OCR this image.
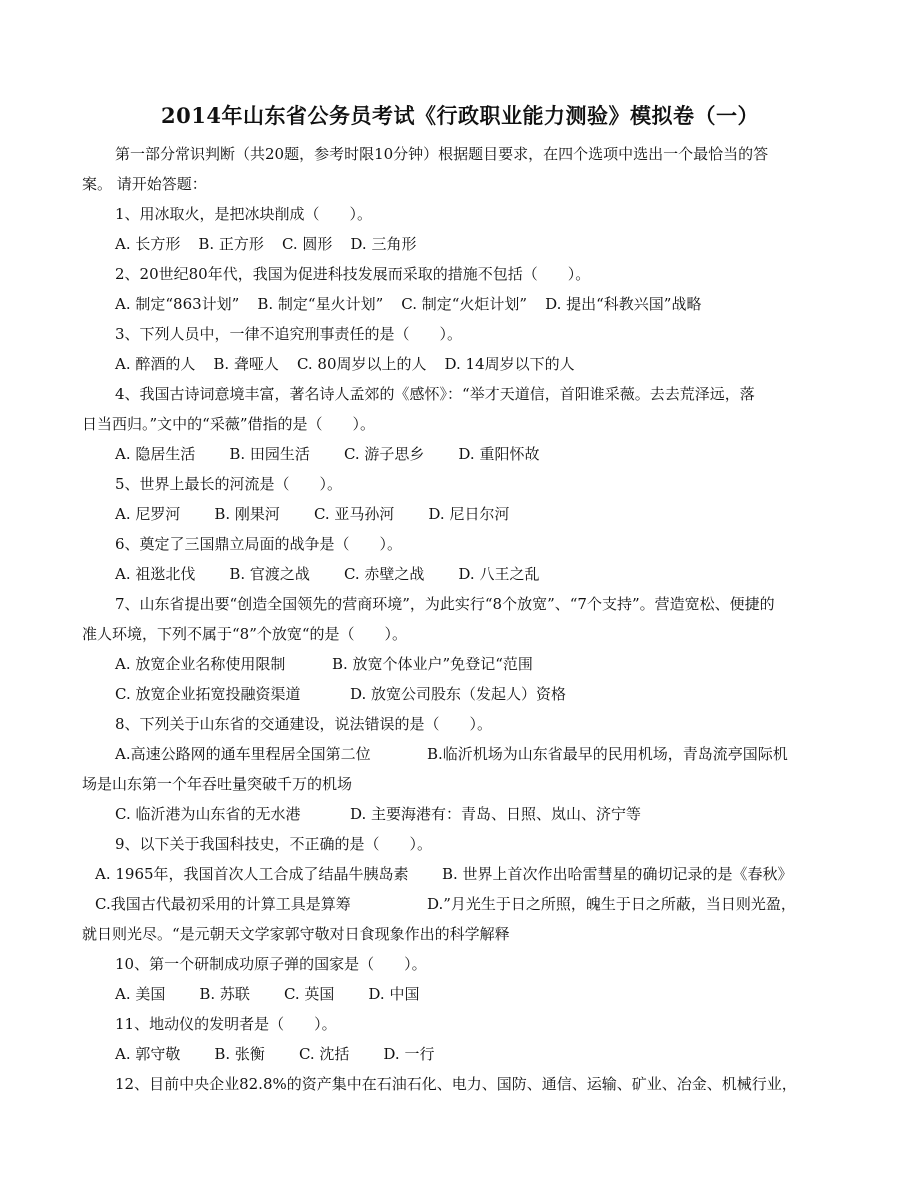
2014年山东省公务员考试《行政职业能力测验》模拟卷（一）
第一部分常识判断（共20题，参考时限10分钟）根据题目要求，在四个选项中选出一个最恰当的答
案。 请开始答题：
1、用冰取火，是把冰块削成（　　）。
A. 长方形 B. 正方形 C. 圆形 D. 三角形
2、20世纪80年代，我国为促进科技发展而采取的措施不包括（　　）。
A. 制定“863计划” B. 制定“星火计划” C. 制定“火炬计划” D. 提出“科教兴国”战略
3、下列人员中，一律不追究刑事责任的是（　　）。
A. 醉酒的人 B. 聋哑人 C. 80周岁以上的人 D. 14周岁以下的人
4、我国古诗词意境丰富，著名诗人孟郊的《感怀》：“举才天道信，首阳谁采薇。去去荒泽远，落
日当西归。”文中的“采薇”借指的是（　　）。
A. 隐居生活 B. 田园生活 C. 游子思乡 D. 重阳怀故
5、世界上最长的河流是（　　）。
A. 尼罗河 B. 刚果河 C. 亚马孙河 D. 尼日尔河
6、奠定了三国鼎立局面的战争是（　　）。
A. 祖逖北伐 B. 官渡之战 C. 赤壁之战 D. 八王之乱
7、山东省提出要“创造全国领先的营商环境”，为此实行“8个放宽”、“7个支持”。营造宽松、便捷的
准人环境，下列不属于“8”个放宽“的是（　　）。
A. 放宽企业名称使用限制	B. 放宽个体业户”免登记“范围
C. 放宽企业拓宽投融资渠道	D. 放宽公司股东（发起人）资格
8、下列关于山东省的交通建设，说法错误的是（　　）。
A.高速公路网的通车里程居全国第二位	B.临沂机场为山东省最早的民用机场，青岛流亭国际机
场是山东第一个年吞吐量突破千万的机场
C. 临沂港为山东省的无水港	D. 主要海港有：青岛、日照、岚山、济宁等
9、以下关于我国科技史，不正确的是（　　）。
A. 1965年，我国首次人工合成了结晶牛胰岛素 B. 世界上首次作出哈雷彗星的确切记录的是《春秋》
C.我国古代最初采用的计算工具是算筹	D.”月光生于日之所照，魄生于日之所蔽，当日则光盈，
就日则光尽。“是元朝天文学家郭守敬对日食现象作出的科学解释
10、第一个研制成功原子弹的国家是（　　）。
A. 美国 B. 苏联 C. 英国 D. 中国
11、地动仪的发明者是（　　）。
A. 郭守敬 B. 张衡 C. 沈括 D. 一行
12、目前中央企业82.8%的资产集中在石油石化、电力、国防、通信、运输、矿业、冶金、机械行业，
